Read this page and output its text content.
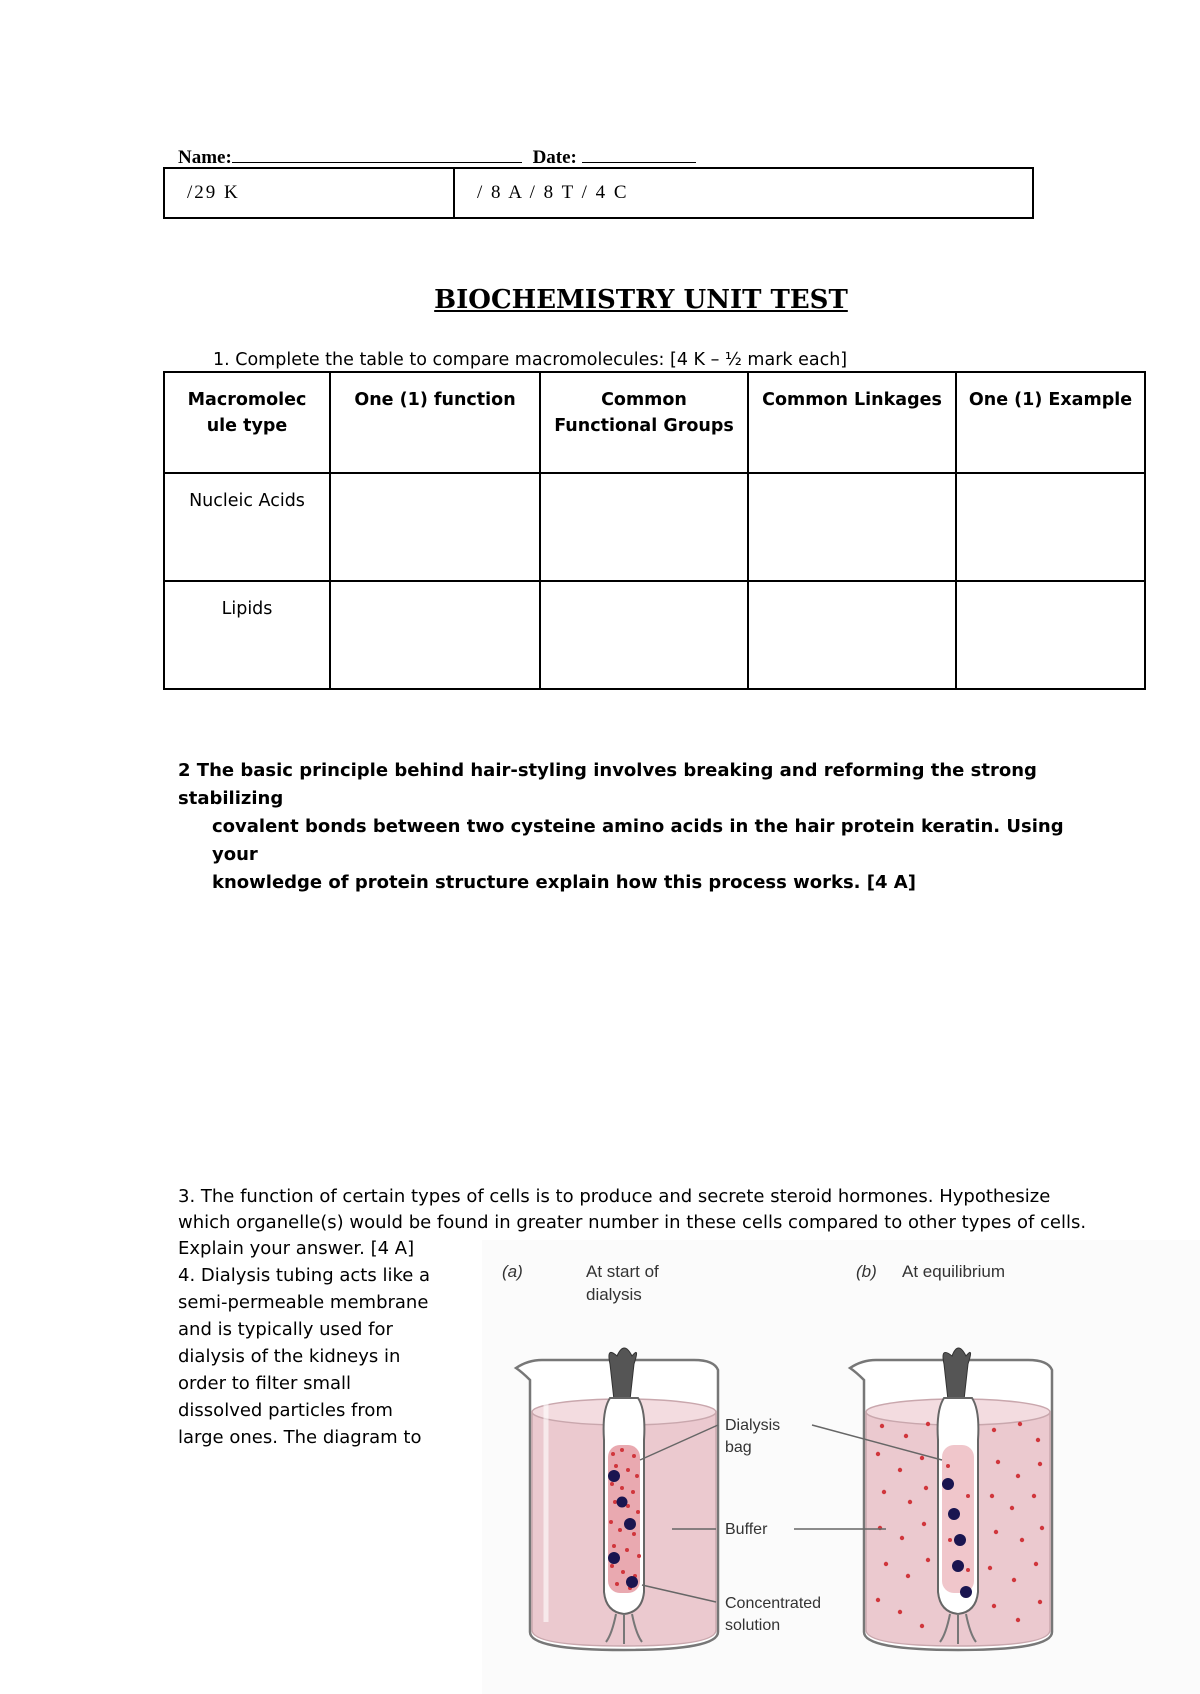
Name:	Date:
/29 K	/ 8 A / 8 T / 4 C
BIOCHEMISTRY UNIT TEST
1. Complete the table to compare macromolecules: [4 K – ½ mark each]
Macromolec ule type	One (1) function	Common Functional Groups	Common Linkages	One (1) Example
Nucleic Acids				
Lipids				
2 The basic principle behind hair-styling involves breaking and reforming the strong stabilizing
covalent bonds between two cysteine amino acids in the hair protein keratin. Using your
knowledge of protein structure explain how this process works. [4 A]
3. The function of certain types of cells is to produce and secrete steroid hormones. Hypothesize which organelle(s) would be found in greater number in these cells compared to other types of cells. Explain your answer. [4 A]
4. Dialysis tubing acts like a semi-permeable membrane and is typically used for dialysis of the kidneys in order to filter small dissolved particles from large ones. The diagram to
(a)	At start of
dialysis
(b) At equilibrium
Dialysis
bag
Buffer
Concentrated
solution
